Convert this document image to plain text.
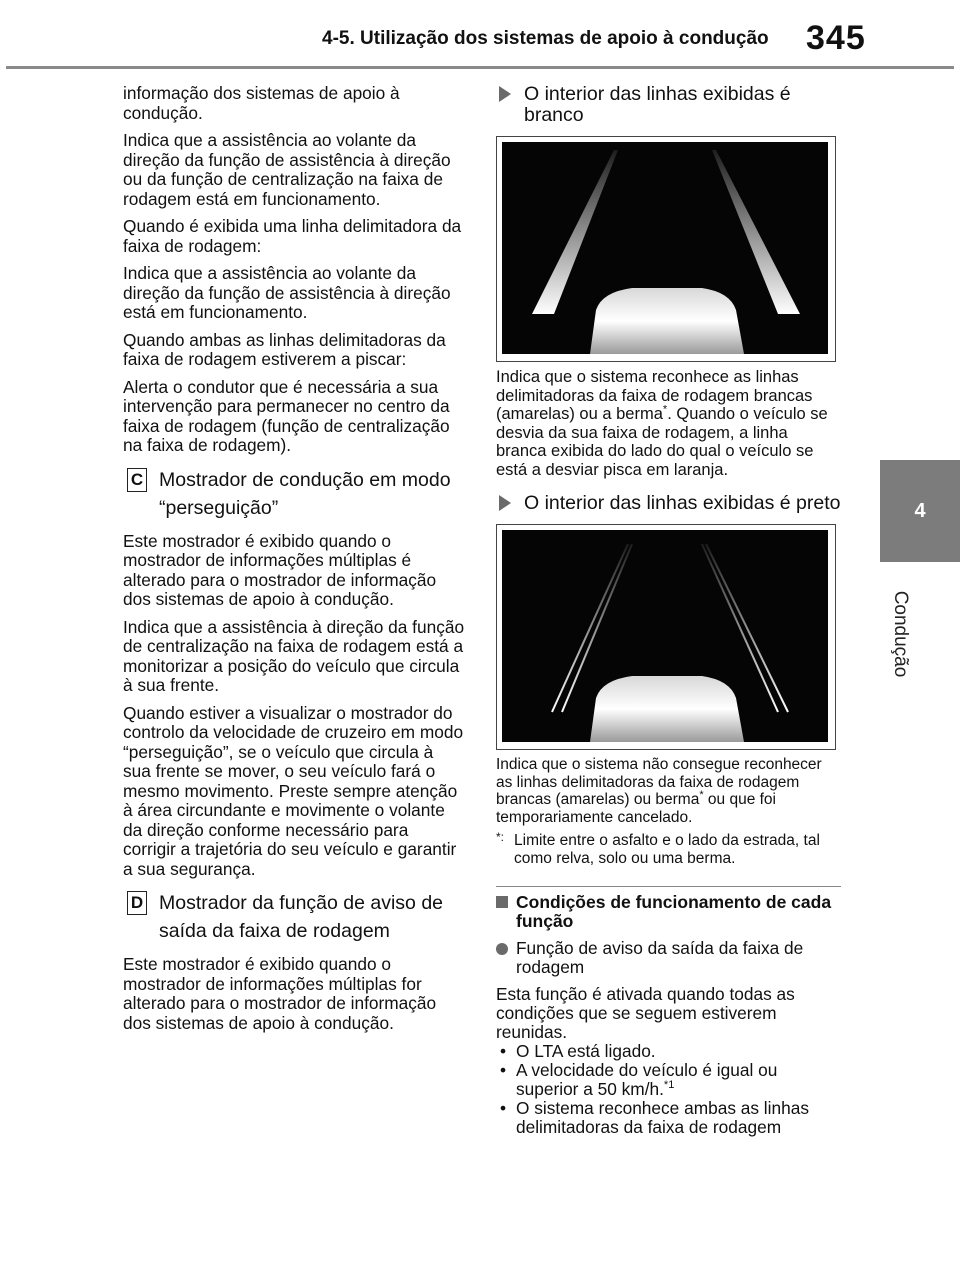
4-5. Utilização dos sistemas de apoio à condução 345
4
Condução

informação dos sistemas de apoio à condução.

Indica que a assistência ao volante da direção da função de assistência à direção ou da função de centralização na faixa de rodagem está em funcionamento.

Quando é exibida uma linha delimitadora da faixa de rodagem:

Indica que a assistência ao volante da direção da função de assistência à direção está em funcionamento.

Quando ambas as linhas delimitadoras da faixa de rodagem estiverem a piscar:

Alerta o condutor que é necessária a sua intervenção para permanecer no centro da faixa de rodagem (função de centralização na faixa de rodagem).

C Mostrador de condução em modo “perseguição”

Este mostrador é exibido quando o mostrador de informações múltiplas é alterado para o mostrador de informação dos sistemas de apoio à condução.

Indica que a assistência à direção da função de centralização na faixa de rodagem está a monitorizar a posição do veículo que circula à sua frente.

Quando estiver a visualizar o mostrador do controlo da velocidade de cruzeiro em modo “perseguição”, se o veículo que circula à sua frente se mover, o seu veículo fará o mesmo movimento. Preste sempre atenção à área circundante e movimente o volante da direção conforme necessário para corrigir a trajetória do seu veículo e garantir a sua segurança.

D Mostrador da função de aviso de saída da faixa de rodagem

Este mostrador é exibido quando o mostrador de informações múltiplas for alterado para o mostrador de informação dos sistemas de apoio à condução.

O interior das linhas exibidas é branco

Indica que o sistema reconhece as linhas delimitadoras da faixa de rodagem brancas (amarelas) ou a berma*. Quando o veículo se desvia da sua faixa de rodagem, a linha branca exibida do lado do qual o veículo se está a desviar pisca em laranja.

O interior das linhas exibidas é preto

Indica que o sistema não consegue reconhecer as linhas delimitadoras da faixa de rodagem brancas (amarelas) ou berma* ou que foi temporariamente cancelado.

*: Limite entre o asfalto e o lado da estrada, tal como relva, solo ou uma berma.
Condições de funcionamento de cada função
Função de aviso da saída da faixa de rodagem

Esta função é ativada quando todas as condições que se seguem estiverem reunidas.

• O LTA está ligado.
• A velocidade do veículo é igual ou superior a 50 km/h.$^{*1}$
• O sistema reconhece ambas as linhas delimitadoras da faixa de rodagem
